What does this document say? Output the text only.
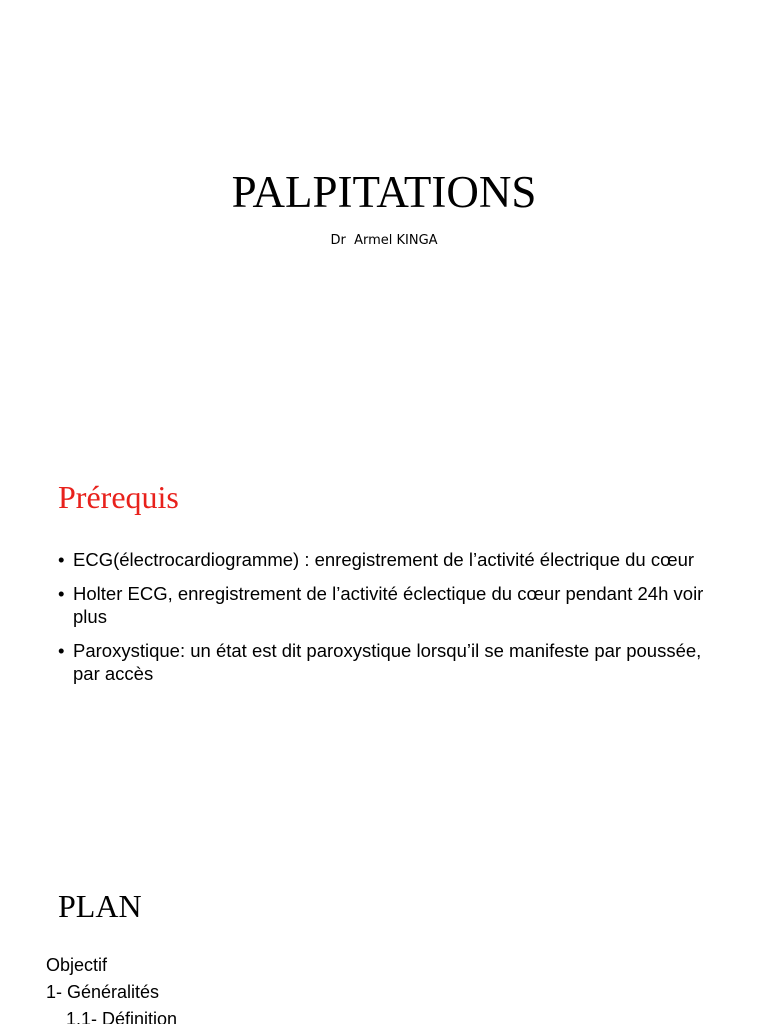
PALPITATIONS
Dr  Armel KINGA
Prérequis
• ECG(électrocardiogramme) : enregistrement de l’activité électrique du cœur
• Holter ECG, enregistrement de l’activité éclectique du cœur pendant 24h voir plus
• Paroxystique: un état est dit paroxystique lorsqu’il se manifeste par poussée, par accès
PLAN
Objectif
1- Généralités
1.1- Définition
